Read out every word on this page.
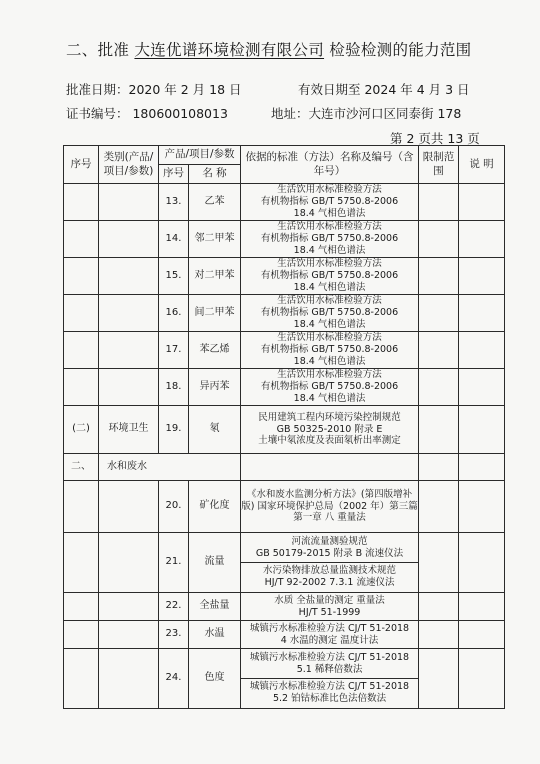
二、批准 大连优谱环境检测有限公司 检验检测的能力范围
批准日期：2020 年 2 月 18 日	有效日期至 2024 年 4 月 3 日
证书编号： 180600108013	地址：大连市沙河口区同泰街 178
第 2 页共 13 页
序号	类别(产品/项目/参数)	产品/项目/参数		依据的标准（方法）名称及编号（含年号）	限制范围	说 明
		序号	名 称			
		13.	乙苯	生活饮用水标准检验方法
有机物指标 GB/T 5750.8-2006
18.4 气相色谱法		

		14.	邻二甲苯	生活饮用水标准检验方法
有机物指标 GB/T 5750.8-2006
18.4 气相色谱法		

		15.	对二甲苯	生活饮用水标准检验方法
有机物指标 GB/T 5750.8-2006
18.4 气相色谱法		

		16.	间二甲苯	生活饮用水标准检验方法
有机物指标 GB/T 5750.8-2006
18.4 气相色谱法		

		17.	苯乙烯	生活饮用水标准检验方法
有机物指标 GB/T 5750.8-2006
18.4 气相色谱法		

		18.	异丙苯	生活饮用水标准检验方法
有机物指标 GB/T 5750.8-2006
18.4 气相色谱法		

(二)	环境卫生	19.	氡	民用建筑工程内环境污染控制规范
GB 50325-2010 附录 E
土壤中氡浓度及表面氡析出率测定		

二、	水和废水					
		20.	矿化度	《水和废水监测分析方法》(第四版增补
版) 国家环境保护总局（2002 年）第三篇
第一章 八 重量法		

		21.	流量	河流流量测验规范
GB 50179-2015 附录 B 流速仪法
水污染物排放总量监测技术规范
HJ/T 92-2002 7.3.1 流速仪法		

		22.	全盐量	水质 全盐量的测定 重量法
HJ/T 51-1999		

		23.	水温	城镇污水标准检验方法 CJ/T 51-2018
4 水温的测定 温度计法		

		24.	色度	城镇污水标准检验方法 CJ/T 51-2018
5.1 稀释倍数法
城镇污水标准检验方法 CJ/T 51-2018
5.2 铂钴标准比色法倍数法		
